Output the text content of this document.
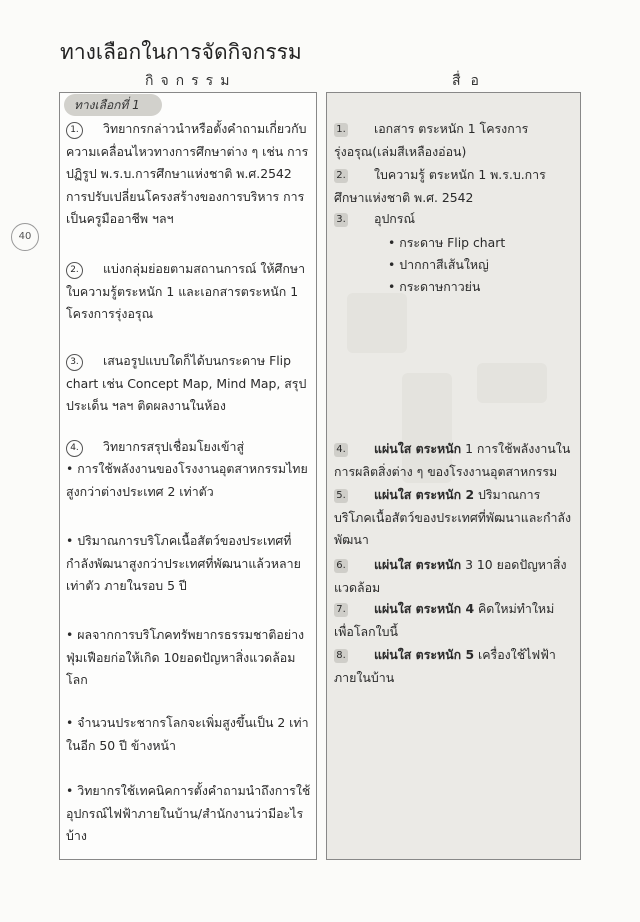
ทางเลือกในการจัดกิจกรรม
กิจกรรม	สื่อ
40
ทางเลือกที่ 1
1. วิทยากรกล่าวนำหรือตั้งคำถามเกี่ยวกับความเคลื่อนไหวทางการศึกษาต่าง ๆ เช่น การปฏิรูป พ.ร.บ.การศึกษาแห่งชาติ พ.ศ.2542 การปรับเปลี่ยนโครงสร้างของการบริหาร การเป็นครูมืออาชีพ ฯลฯ
2. แบ่งกลุ่มย่อยตามสถานการณ์ ให้ศึกษา ใบความรู้ตระหนัก 1 และเอกสารตระหนัก 1 โครงการรุ่งอรุณ
3. เสนอรูปแบบใดก็ได้บนกระดาษ Flip chart เช่น Concept Map, Mind Map, สรุปประเด็น ฯลฯ ติดผลงานในห้อง
4. วิทยากรสรุปเชื่อมโยงเข้าสู่
• การใช้พลังงานของโรงงานอุตสาหกรรมไทยสูงกว่าต่างประเทศ 2 เท่าตัว
• ปริมาณการบริโภคเนื้อสัตว์ของประเทศที่กำลังพัฒนาสูงกว่าประเทศที่พัฒนาแล้วหลายเท่าตัว ภายในรอบ 5 ปี
• ผลจากการบริโภคทรัพยากรธรรมชาติอย่างฟุ่มเฟือยก่อให้เกิด 10ยอดปัญหาสิ่งแวดล้อมโลก
• จำนวนประชากรโลกจะเพิ่มสูงขึ้นเป็น 2 เท่าในอีก 50 ปี ข้างหน้า
• วิทยากรใช้เทคนิคการตั้งคำถามนำถึงการใช้อุปกรณ์ไฟฟ้าภายในบ้าน/สำนักงานว่ามีอะไรบ้าง
1. เอกสาร ตระหนัก 1 โครงการรุ่งอรุณ(เล่มสีเหลืองอ่อน)
2. ใบความรู้ ตระหนัก 1 พ.ร.บ.การศึกษาแห่งชาติ พ.ศ. 2542
3. อุปกรณ์
• กระดาษ Flip chart
• ปากกาสีเส้นใหญ่
• กระดาษกาวย่น
4. แผ่นใส ตระหนัก 1 การใช้พลังงานในการผลิตสิ่งต่าง ๆ ของโรงงานอุตสาหกรรม
5. แผ่นใส ตระหนัก 2 ปริมาณการบริโภคเนื้อสัตว์ของประเทศที่พัฒนาและกำลังพัฒนา
6. แผ่นใส ตระหนัก 3 10 ยอดปัญหาสิ่งแวดล้อม
7. แผ่นใส ตระหนัก 4 คิดใหม่ทำใหม่เพื่อโลกใบนี้
8. แผ่นใส ตระหนัก 5 เครื่องใช้ไฟฟ้าภายในบ้าน
